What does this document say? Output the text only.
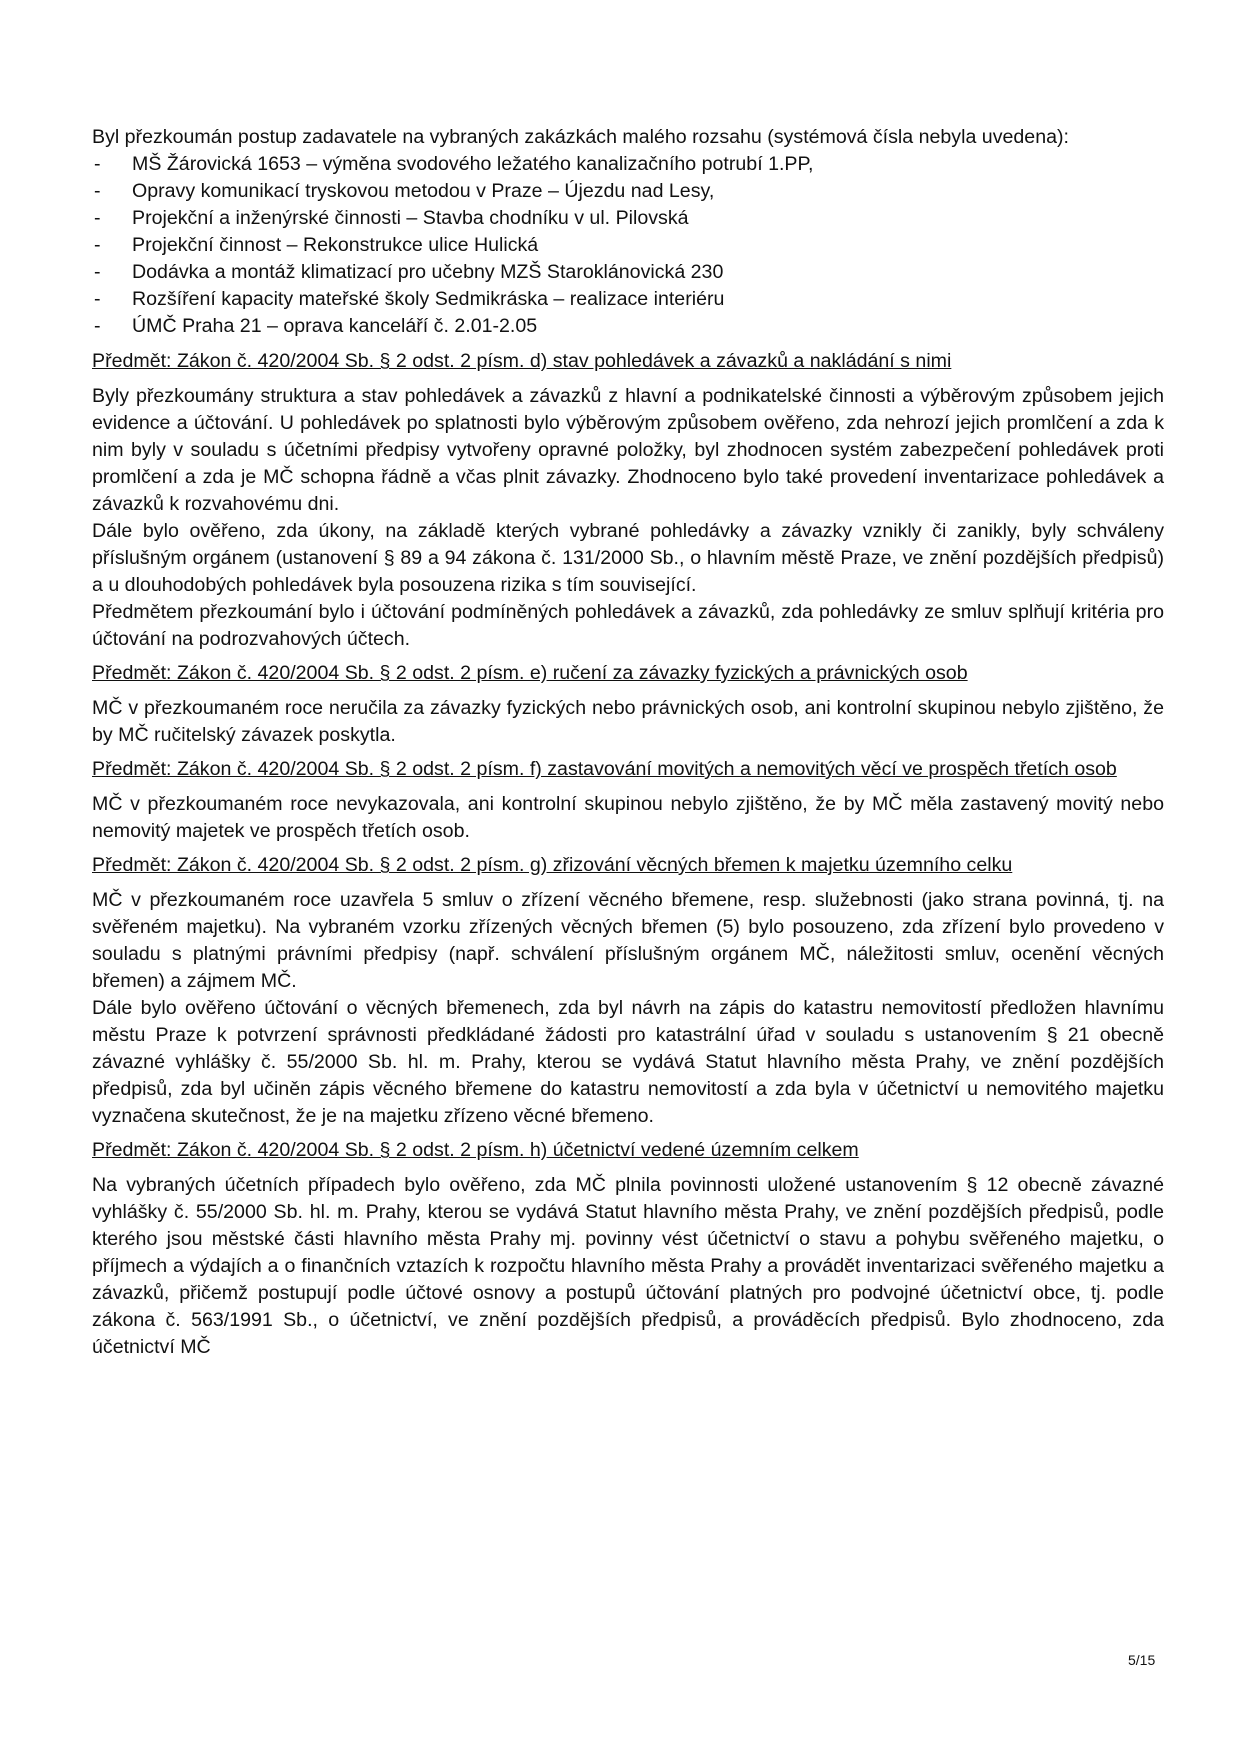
Byl přezkoumán postup zadavatele na vybraných zakázkách malého rozsahu (systémová čísla nebyla uvedena):

- MŠ Žárovická 1653 – výměna svodového ležatého kanalizačního potrubí 1.PP,
- Opravy komunikací tryskovou metodou v Praze – Újezdu nad Lesy,
- Projekční a inženýrské činnosti – Stavba chodníku v ul. Pilovská
- Projekční činnost – Rekonstrukce ulice Hulická
- Dodávka a montáž klimatizací pro učebny MZŠ Staroklánovická 230
- Rozšíření kapacity mateřské školy Sedmikráska – realizace interiéru
- ÚMČ Praha 21 – oprava kanceláří č. 2.01-2.05

Předmět: Zákon č. 420/2004 Sb. § 2 odst. 2 písm. d) stav pohledávek a závazků a nakládání s nimi

Byly přezkoumány struktura a stav pohledávek a závazků z hlavní a podnikatelské činnosti a výběrovým způsobem jejich evidence a účtování. U pohledávek po splatnosti bylo výběrovým způsobem ověřeno, zda nehrozí jejich promlčení a zda k nim byly v souladu s účetními předpisy vytvořeny opravné položky, byl zhodnocen systém zabezpečení pohledávek proti promlčení a zda je MČ schopna řádně a včas plnit závazky. Zhodnoceno bylo také provedení inventarizace pohledávek a závazků k rozvahovému dni.

Dále bylo ověřeno, zda úkony, na základě kterých vybrané pohledávky a závazky vznikly či zanikly, byly schváleny příslušným orgánem (ustanovení § 89 a 94 zákona č. 131/2000 Sb., o hlavním městě Praze, ve znění pozdějších předpisů) a u dlouhodobých pohledávek byla posouzena rizika s tím související.

Předmětem přezkoumání bylo i účtování podmíněných pohledávek a závazků, zda pohledávky ze smluv splňují kritéria pro účtování na podrozvahových účtech.

Předmět: Zákon č. 420/2004 Sb. § 2 odst. 2 písm. e) ručení za závazky fyzických a právnických osob

MČ v přezkoumaném roce neručila za závazky fyzických nebo právnických osob, ani kontrolní skupinou nebylo zjištěno, že by MČ ručitelský závazek poskytla.

Předmět: Zákon č. 420/2004 Sb. § 2 odst. 2 písm. f) zastavování movitých a nemovitých věcí ve prospěch třetích osob

MČ v přezkoumaném roce nevykazovala, ani kontrolní skupinou nebylo zjištěno, že by MČ měla zastavený movitý nebo nemovitý majetek ve prospěch třetích osob.

Předmět: Zákon č. 420/2004 Sb. § 2 odst. 2 písm. g) zřizování věcných břemen k majetku územního celku

MČ v přezkoumaném roce uzavřela 5 smluv o zřízení věcného břemene, resp. služebnosti (jako strana povinná, tj. na svěřeném majetku). Na vybraném vzorku zřízených věcných břemen (5) bylo posouzeno, zda zřízení bylo provedeno v souladu s platnými právními předpisy (např. schválení příslušným orgánem MČ, náležitosti smluv, ocenění věcných břemen) a zájmem MČ.

Dále bylo ověřeno účtování o věcných břemenech, zda byl návrh na zápis do katastru nemovitostí předložen hlavnímu městu Praze k potvrzení správnosti předkládané žádosti pro katastrální úřad v souladu s ustanovením § 21 obecně závazné vyhlášky č. 55/2000 Sb. hl. m. Prahy, kterou se vydává Statut hlavního města Prahy, ve znění pozdějších předpisů, zda byl učiněn zápis věcného břemene do katastru nemovitostí a zda byla v účetnictví u nemovitého majetku vyznačena skutečnost, že je na majetku zřízeno věcné břemeno.

Předmět: Zákon č. 420/2004 Sb. § 2 odst. 2 písm. h) účetnictví vedené územním celkem

Na vybraných účetních případech bylo ověřeno, zda MČ plnila povinnosti uložené ustanovením § 12 obecně závazné vyhlášky č. 55/2000 Sb. hl. m. Prahy, kterou se vydává Statut hlavního města Prahy, ve znění pozdějších předpisů, podle kterého jsou městské části hlavního města Prahy mj. povinny vést účetnictví o stavu a pohybu svěřeného majetku, o příjmech a výdajích a o finančních vztazích k rozpočtu hlavního města Prahy a provádět inventarizaci svěřeného majetku a závazků, přičemž postupují podle účtové osnovy a postupů účtování platných pro podvojné účetnictví obce, tj. podle zákona č. 563/1991 Sb., o účetnictví, ve znění pozdějších předpisů, a prováděcích předpisů. Bylo zhodnoceno, zda účetnictví MČ

5/15
